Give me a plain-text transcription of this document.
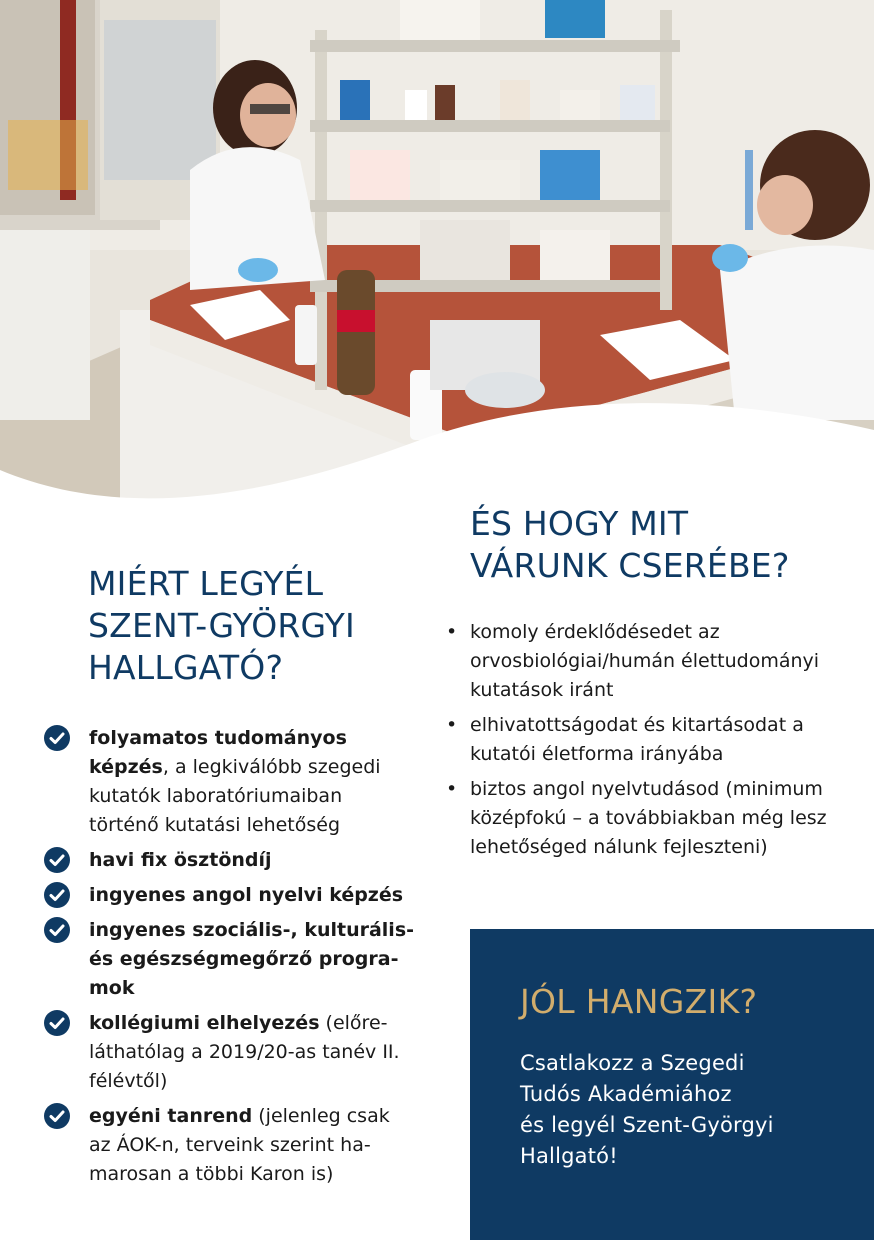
MIÉRT LEGYÉL
SZENT-GYÖRGYI
HALLGATÓ?
folyamatos tudományos
képzés, a legkiválóbb szegedi
kutatók laboratóriumaiban
történő kutatási lehetőség
havi fix ösztöndíj
ingyenes angol nyelvi képzés
ingyenes szociális-, kulturális-
és egészségmegőrző progra-
mok
kollégiumi elhelyezés (előre-
láthatólag a 2019/20-as tanév II.
félévtől)
egyéni tanrend (jelenleg csak
az ÁOK-n, terveink szerint ha-
marosan a többi Karon is)
ÉS HOGY MIT
VÁRUNK CSERÉBE?
• komoly érdeklődésedet az
orvosbiológiai/humán élettudományi
kutatások iránt
• elhivatottságodat és kitartásodat a
kutatói életforma irányába
• biztos angol nyelvtudásod (minimum
középfokú – a továbbiakban még lesz
lehetőséged nálunk fejleszteni)
JÓL HANGZIK?

Csatlakozz a Szegedi
Tudós Akadémiához
és legyél Szent-Györgyi
Hallgató!
